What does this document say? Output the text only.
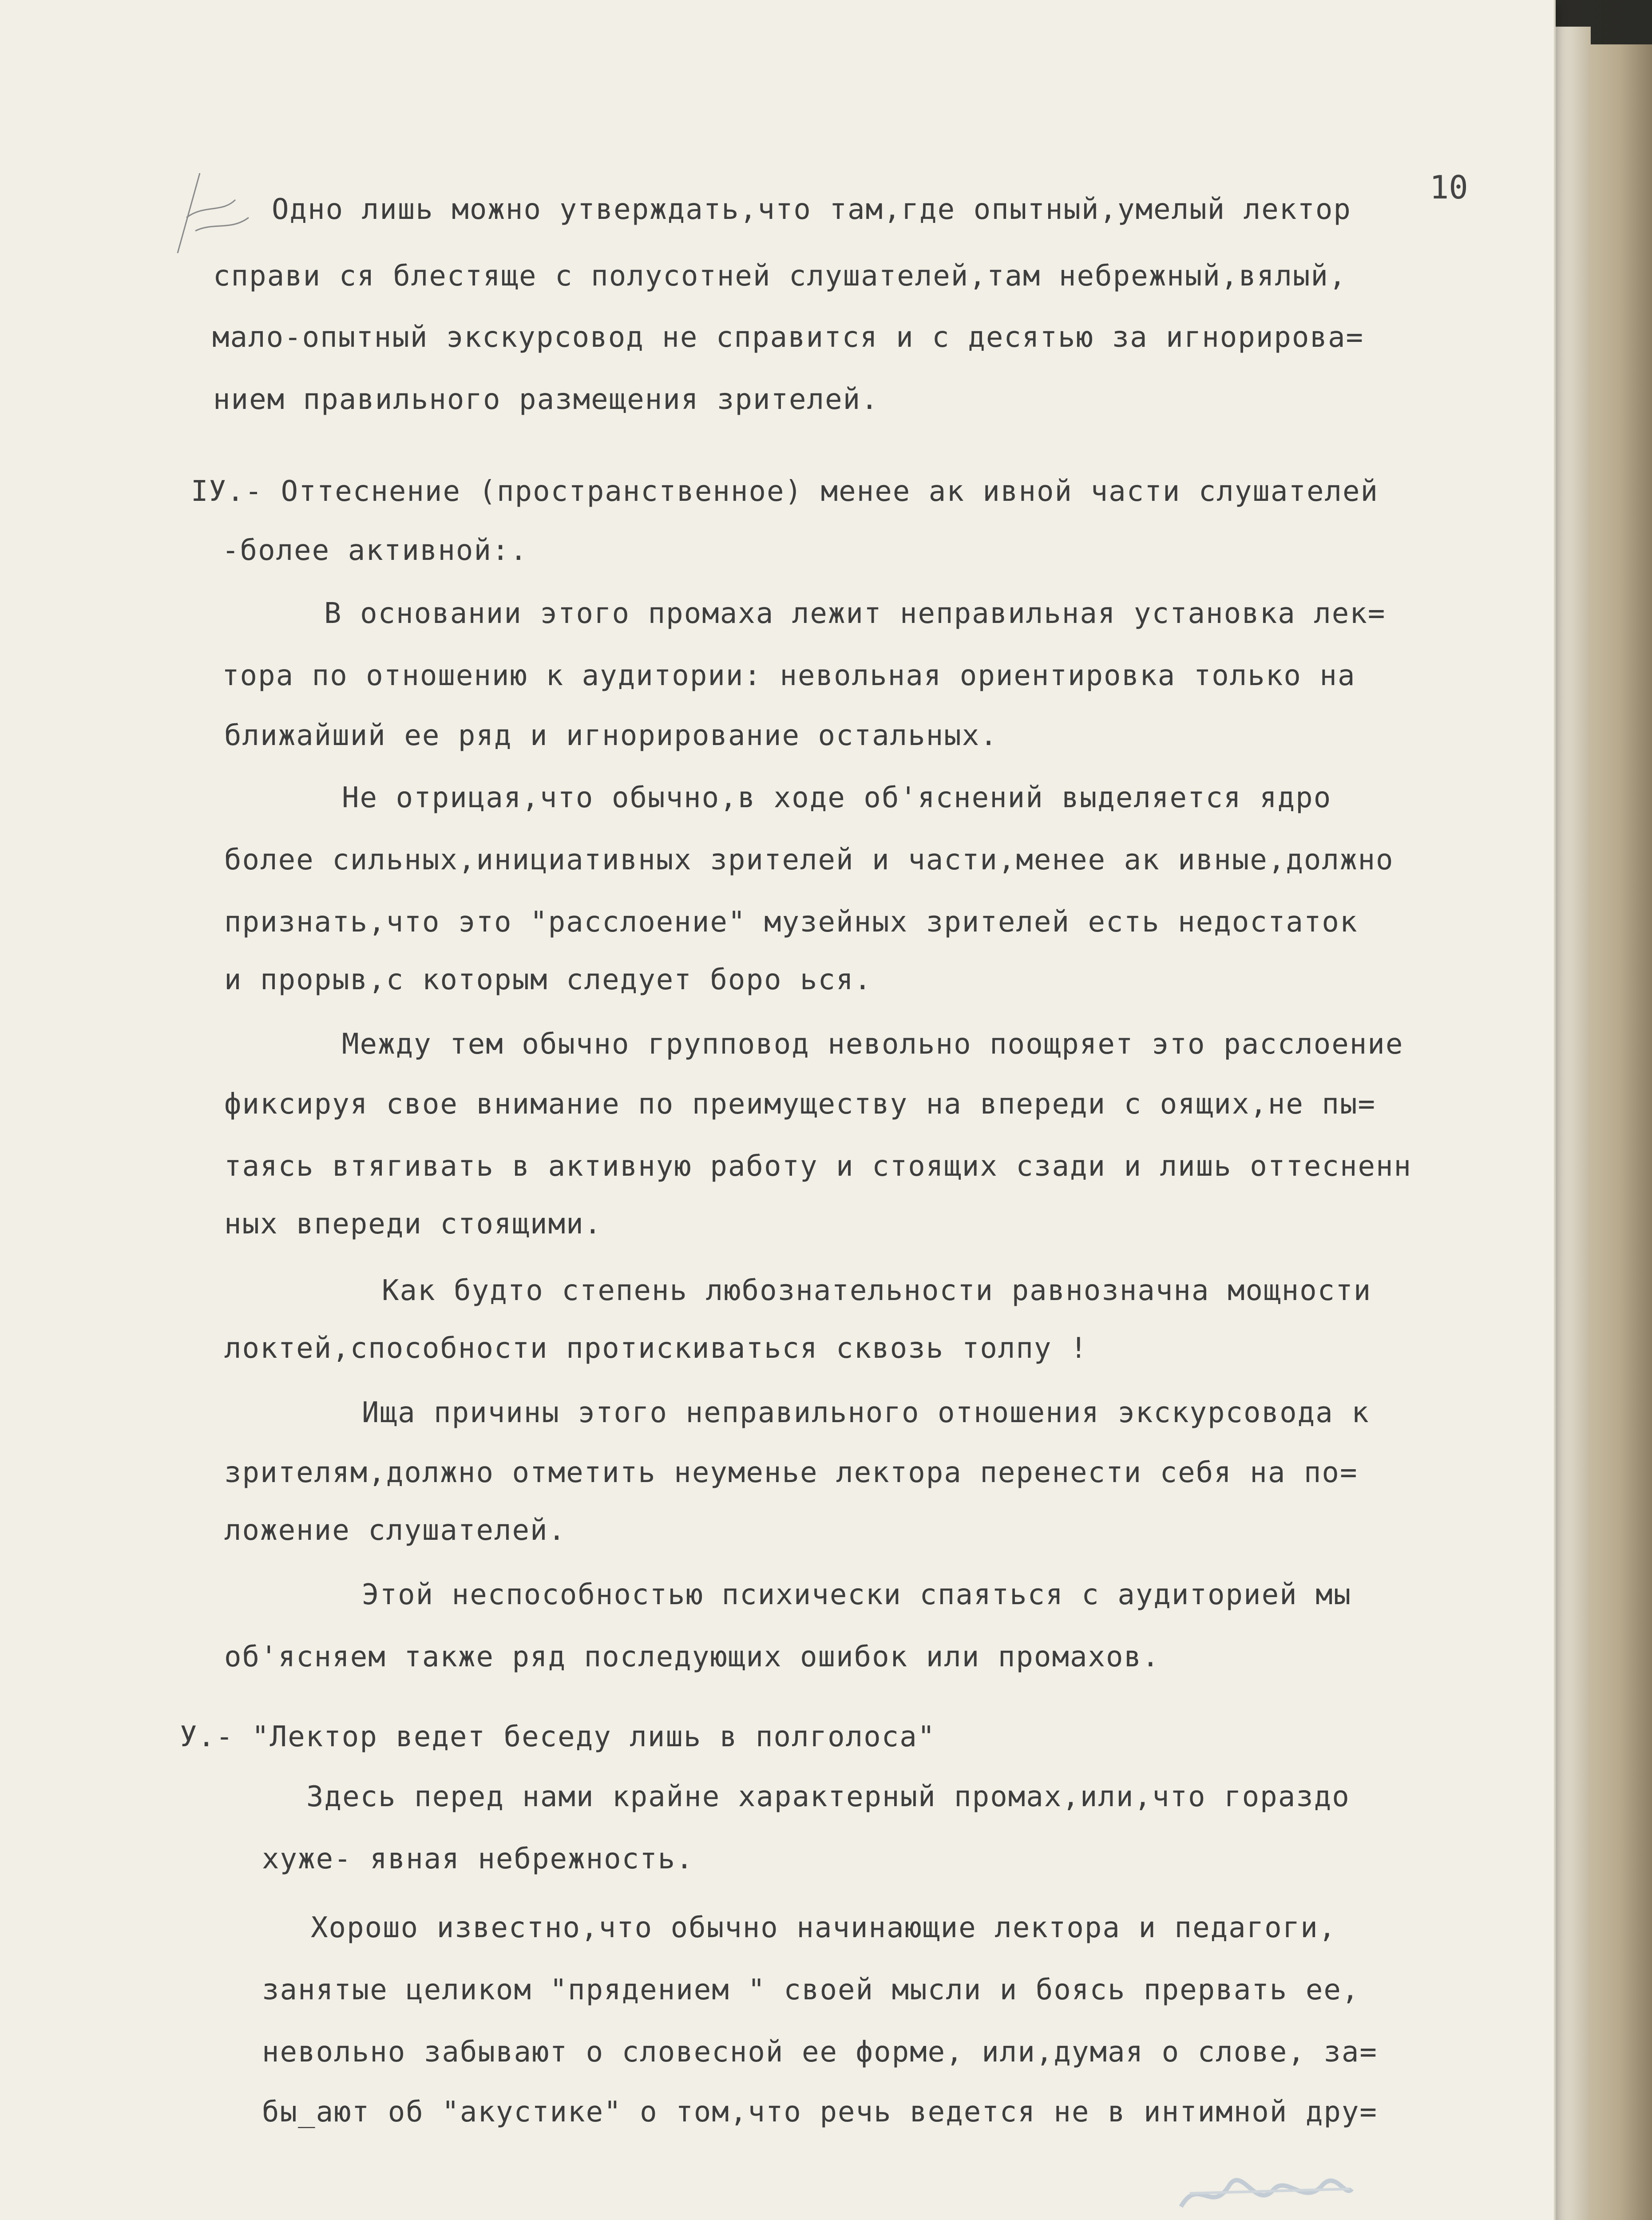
10
Одно лишь можно утверждать,что там,где опытный,умелый лектор
справи ся блестяще с полусотней слушателей,там небрежный,вялый,
мало-опытный экскурсовод не справится и с десятью за игнорирова=
нием правильного размещения зрителей.
IУ.- Оттеснение (пространственное) менее ак ивной части слушателей
-более активной:.
В основании этого промаха лежит неправильная установка лек=
тора по отношению к аудитории: невольная ориентировка только на
ближайший ее ряд и игнорирование остальных.
Не отрицая,что обычно,в ходе об'яснений выделяется ядро
более сильных,инициативных зрителей и части,менее ак ивные,должно
признать,что это "расслоение" музейных зрителей есть недостаток
и прорыв,с которым следует боро ься.
Между тем обычно групповод невольно поощряет это расслоение
фиксируя свое внимание по преимуществу на впереди с оящих,не пы=
таясь втягивать в активную работу и стоящих сзади и лишь оттесненн
ных впереди стоящими.
Как будто степень любознательности равнозначна мощности
локтей,способности протискиваться сквозь толпу !
Ища причины этого неправильного отношения экскурсовода к
зрителям,должно отметить неуменье лектора перенести себя на по=
ложение слушателей.
Этой неспособностью психически спаяться с аудиторией мы
об'ясняем также ряд последующих ошибок или промахов.
У.- "Лектор ведет беседу лишь в полголоса"
Здесь перед нами крайне характерный промах,или,что гораздо
хуже- явная небрежность.
Хорошо известно,что обычно начинающие лектора и педагоги,
занятые целиком "прядением " своей мысли и боясь прервать ее,
невольно забывают о словесной ее форме, или,думая о слове, за=
бы_ают об "акустике" о том,что речь ведется не в интимной дру=
